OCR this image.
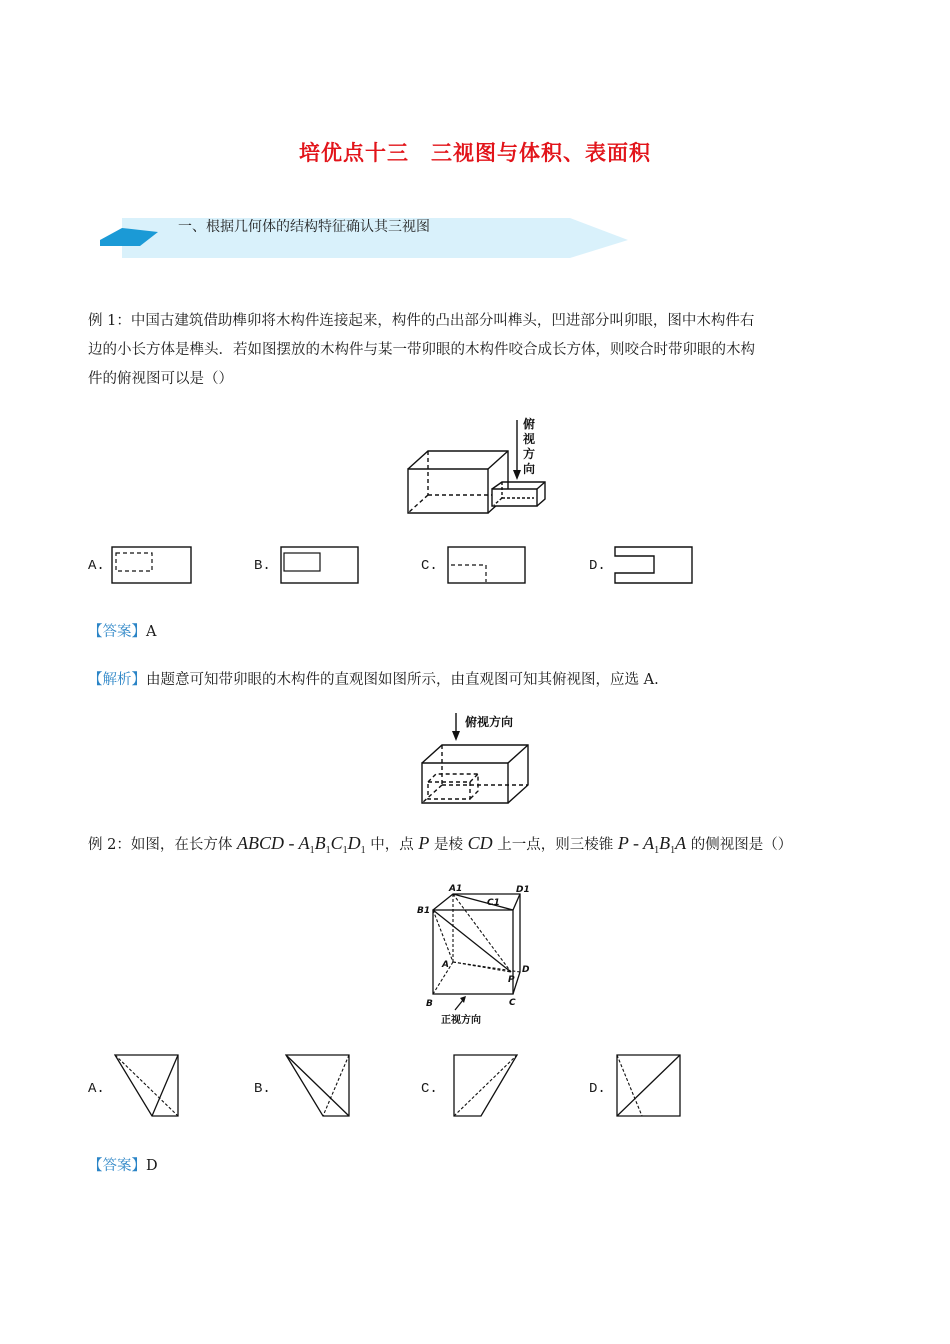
培优点十三　三视图与体积、表面积
一、根据几何体的结构特征确认其三视图
例 1：中国古建筑借助榫卯将木构件连接起来，构件的凸出部分叫榫头，凹进部分叫卯眼，图中木构件右
边的小长方体是榫头．若如图摆放的木构件与某一带卯眼的木构件咬合成长方体，则咬合时带卯眼的木构
件的俯视图可以是（）
俯
视
方
向
A.	B.	C.	D.
【答案】A
【解析】由题意可知带卯眼的木构件的直观图如图所示，由直观图可知其俯视图，应选 A.
俯视方向
例 2：如图，在长方体 ABCD - $A_1B_1C_1D_1$ 中，点 P 是棱 CD 上一点，则三棱锥 P - $A_1B_1A$ 的侧视图是（）
A1	D1
C1
B1
A	D
P
B	C
正视方向
A.	B.	C.	D.
【答案】D
